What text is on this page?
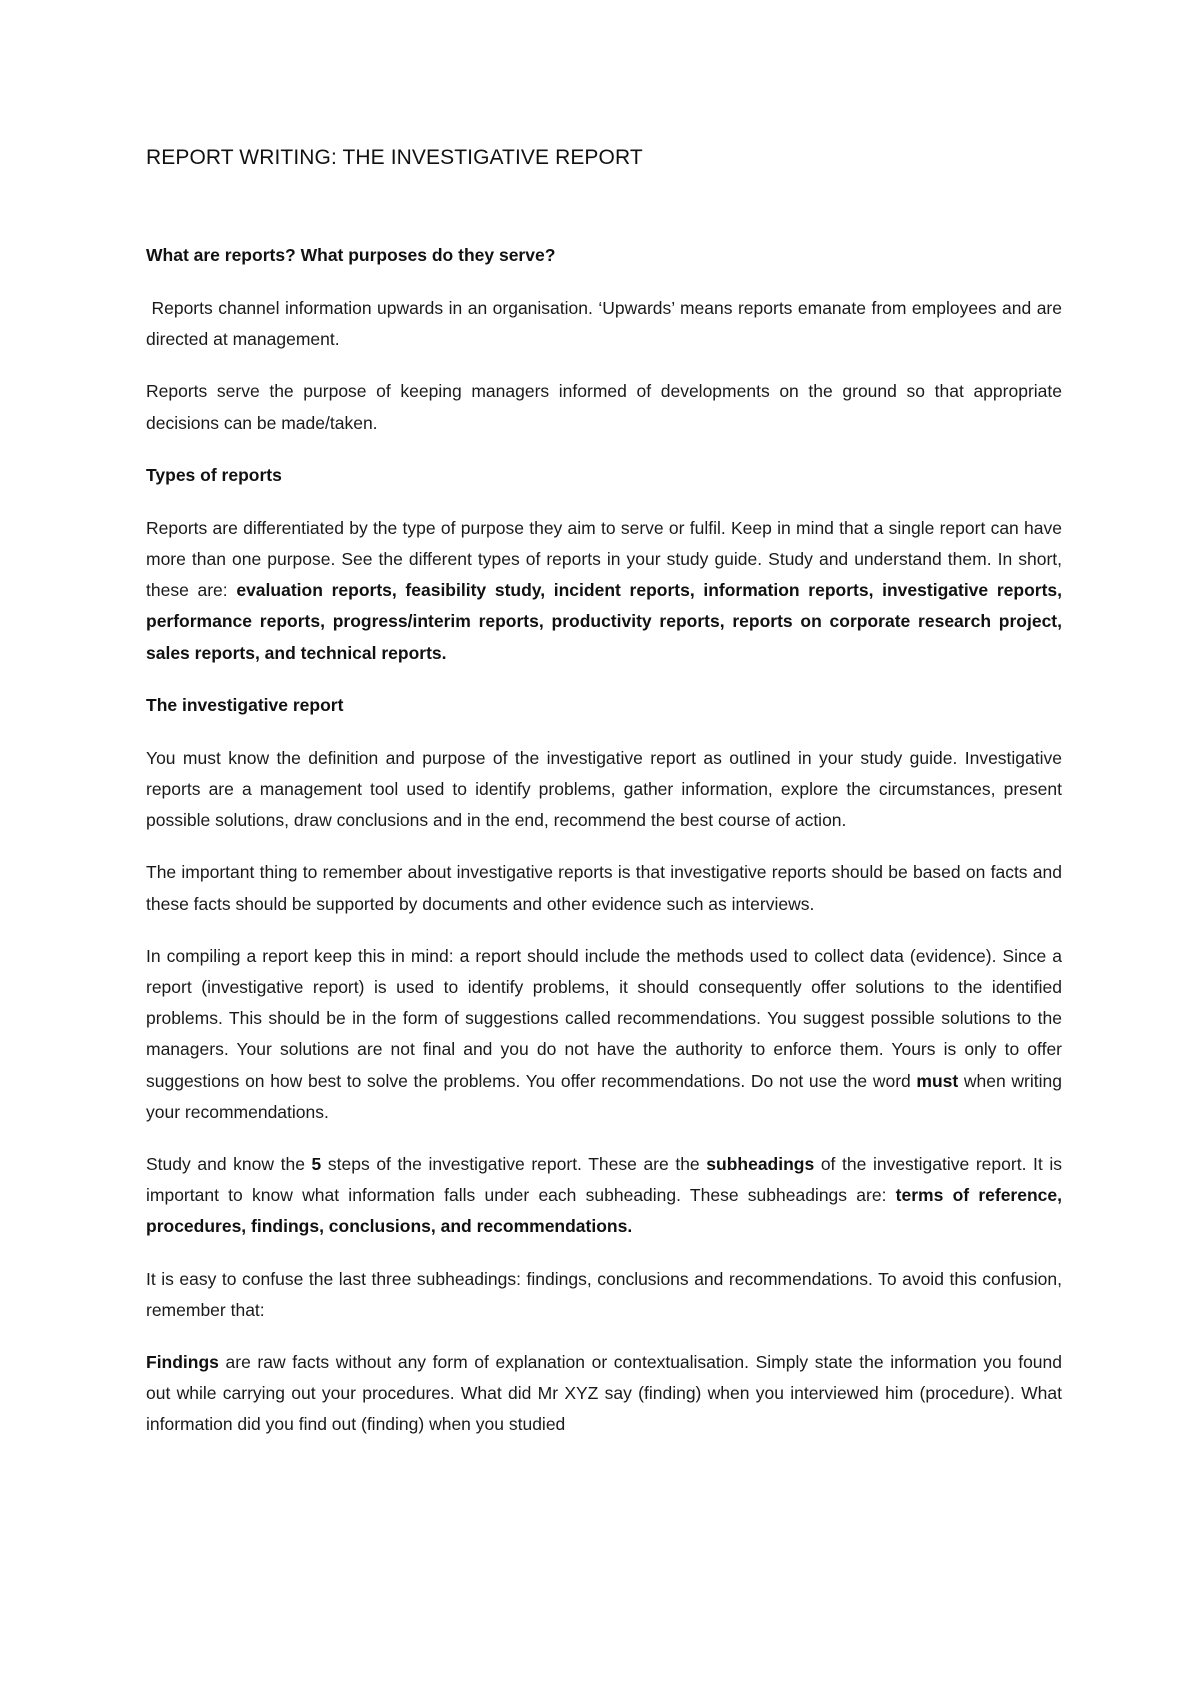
REPORT WRITING: THE INVESTIGATIVE REPORT
What are reports? What purposes do they serve?

Reports channel information upwards in an organisation. ‘Upwards’ means reports emanate from employees and are directed at management.

Reports serve the purpose of keeping managers informed of developments on the ground so that appropriate decisions can be made/taken.

Types of reports

Reports are differentiated by the type of purpose they aim to serve or fulfil. Keep in mind that a single report can have more than one purpose. See the different types of reports in your study guide. Study and understand them. In short, these are: evaluation reports, feasibility study, incident reports, information reports, investigative reports, performance reports, progress/interim reports, productivity reports, reports on corporate research project, sales reports, and technical reports.

The investigative report

You must know the definition and purpose of the investigative report as outlined in your study guide. Investigative reports are a management tool used to identify problems, gather information, explore the circumstances, present possible solutions, draw conclusions and in the end, recommend the best course of action.

The important thing to remember about investigative reports is that investigative reports should be based on facts and these facts should be supported by documents and other evidence such as interviews.

In compiling a report keep this in mind: a report should include the methods used to collect data (evidence). Since a report (investigative report) is used to identify problems, it should consequently offer solutions to the identified problems. This should be in the form of suggestions called recommendations. You suggest possible solutions to the managers. Your solutions are not final and you do not have the authority to enforce them. Yours is only to offer suggestions on how best to solve the problems. You offer recommendations. Do not use the word must when writing your recommendations.

Study and know the 5 steps of the investigative report. These are the subheadings of the investigative report. It is important to know what information falls under each subheading. These subheadings are: terms of reference, procedures, findings, conclusions, and recommendations.

It is easy to confuse the last three subheadings: findings, conclusions and recommendations. To avoid this confusion, remember that:

Findings are raw facts without any form of explanation or contextualisation. Simply state the information you found out while carrying out your procedures. What did Mr XYZ say (finding) when you interviewed him (procedure). What information did you find out (finding) when you studied
